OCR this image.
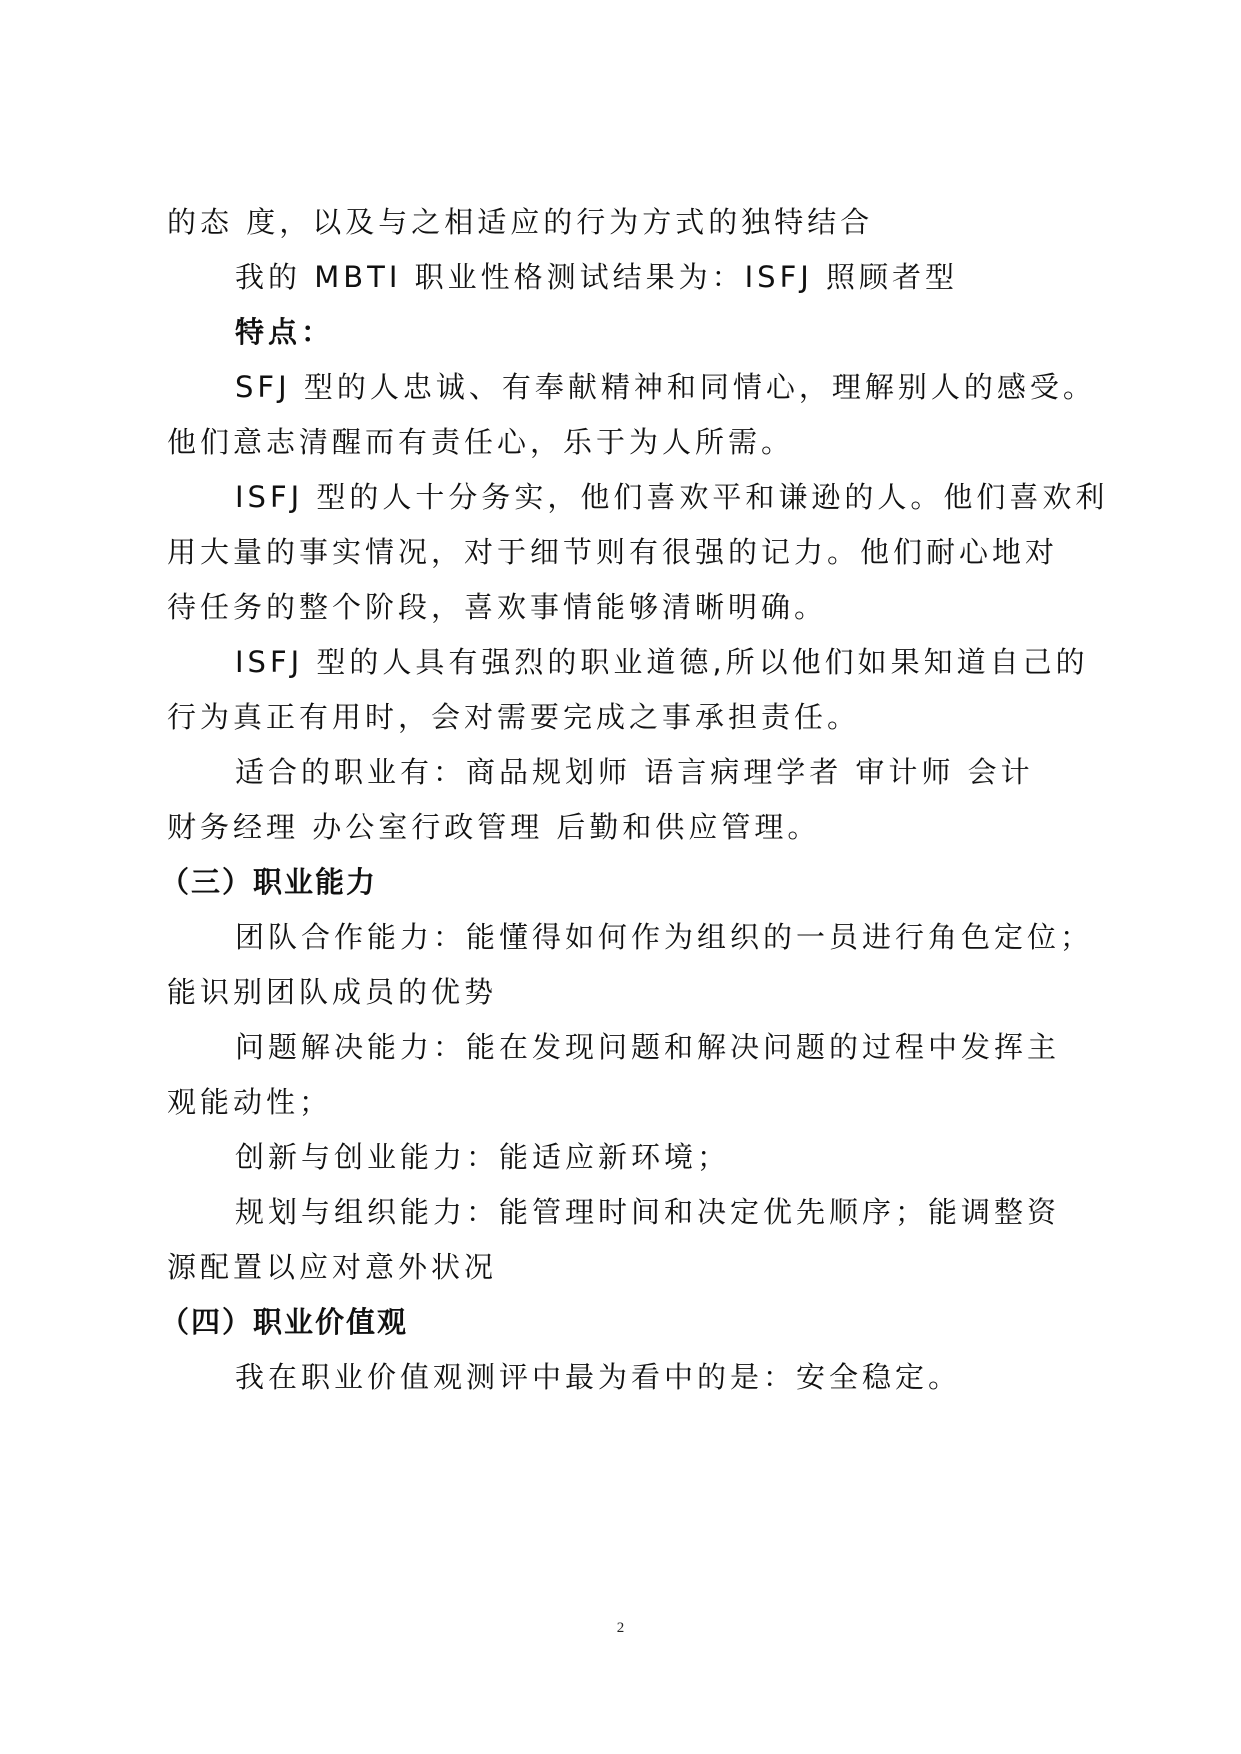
的态 度，以及与之相适应的行为方式的独特结合
我的 MBTI 职业性格测试结果为：ISFJ 照顾者型
特点：
SFJ 型的人忠诚、有奉献精神和同情心，理解别人的感受。
他们意志清醒而有责任心，乐于为人所需。
ISFJ 型的人十分务实，他们喜欢平和谦逊的人。他们喜欢利
用大量的事实情况，对于细节则有很强的记力。他们耐心地对
待任务的整个阶段，喜欢事情能够清晰明确。
ISFJ 型的人具有强烈的职业道德,所以他们如果知道自己的
行为真正有用时，会对需要完成之事承担责任。
适合的职业有：商品规划师 语言病理学者 审计师 会计
财务经理 办公室行政管理 后勤和供应管理。
（三）职业能力
团队合作能力：能懂得如何作为组织的一员进行角色定位；
能识别团队成员的优势
问题解决能力：能在发现问题和解决问题的过程中发挥主
观能动性；
创新与创业能力：能适应新环境；
规划与组织能力：能管理时间和决定优先顺序；能调整资
源配置以应对意外状况
（四）职业价值观
我在职业价值观测评中最为看中的是：安全稳定。
2
